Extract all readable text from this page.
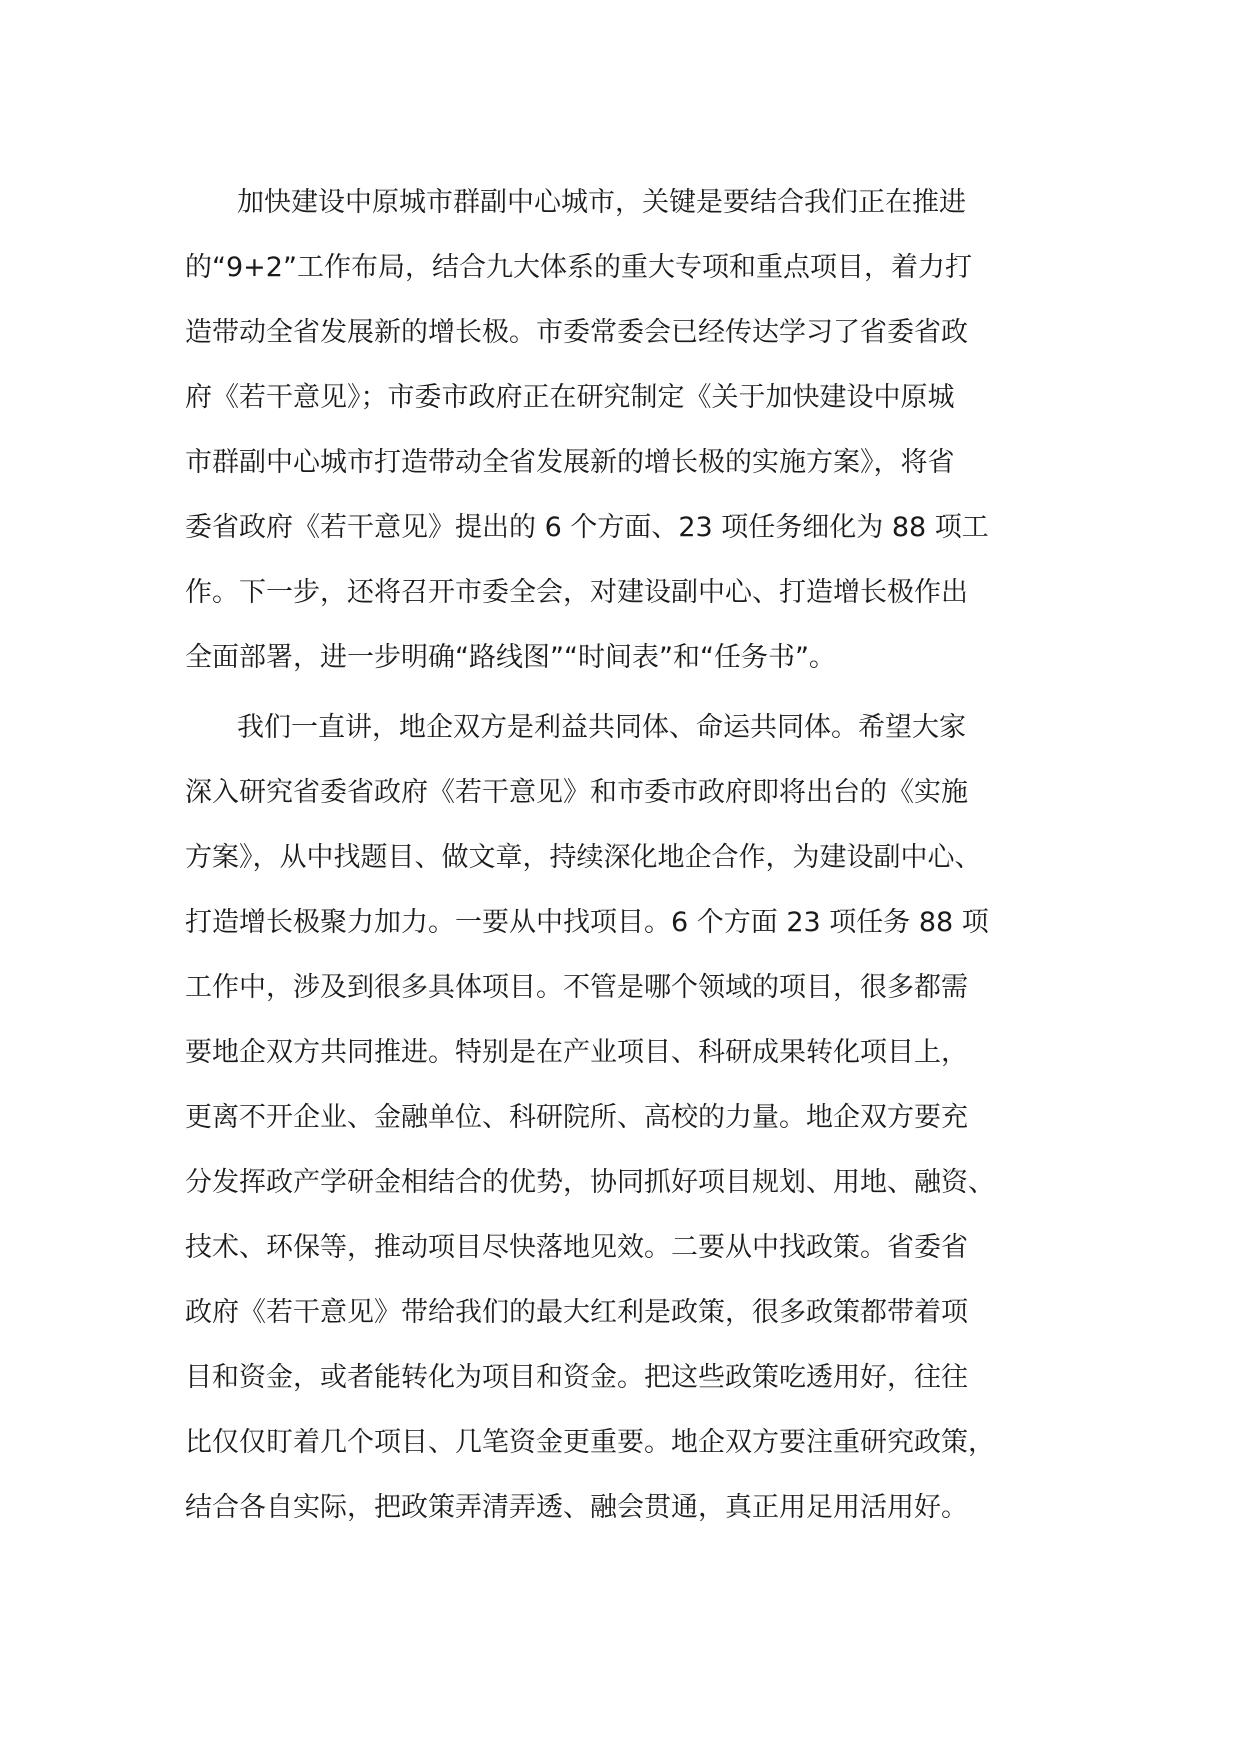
加快建设中原城市群副中心城市，关键是要结合我们正在推进
的“9+2”工作布局，结合九大体系的重大专项和重点项目，着力打
造带动全省发展新的增长极。市委常委会已经传达学习了省委省政
府《若干意见》；市委市政府正在研究制定《关于加快建设中原城
市群副中心城市打造带动全省发展新的增长极的实施方案》，将省
委省政府《若干意见》提出的 6 个方面、23 项任务细化为 88 项工
作。下一步，还将召开市委全会，对建设副中心、打造增长极作出
全面部署，进一步明确“路线图”“时间表”和“任务书”。
我们一直讲，地企双方是利益共同体、命运共同体。希望大家
深入研究省委省政府《若干意见》和市委市政府即将出台的《实施
方案》，从中找题目、做文章，持续深化地企合作，为建设副中心、
打造增长极聚力加力。一要从中找项目。6 个方面 23 项任务 88 项
工作中，涉及到很多具体项目。不管是哪个领域的项目，很多都需
要地企双方共同推进。特别是在产业项目、科研成果转化项目上，
更离不开企业、金融单位、科研院所、高校的力量。地企双方要充
分发挥政产学研金相结合的优势，协同抓好项目规划、用地、融资、
技术、环保等，推动项目尽快落地见效。二要从中找政策。省委省
政府《若干意见》带给我们的最大红利是政策，很多政策都带着项
目和资金，或者能转化为项目和资金。把这些政策吃透用好，往往
比仅仅盯着几个项目、几笔资金更重要。地企双方要注重研究政策，
结合各自实际，把政策弄清弄透、融会贯通，真正用足用活用好。
